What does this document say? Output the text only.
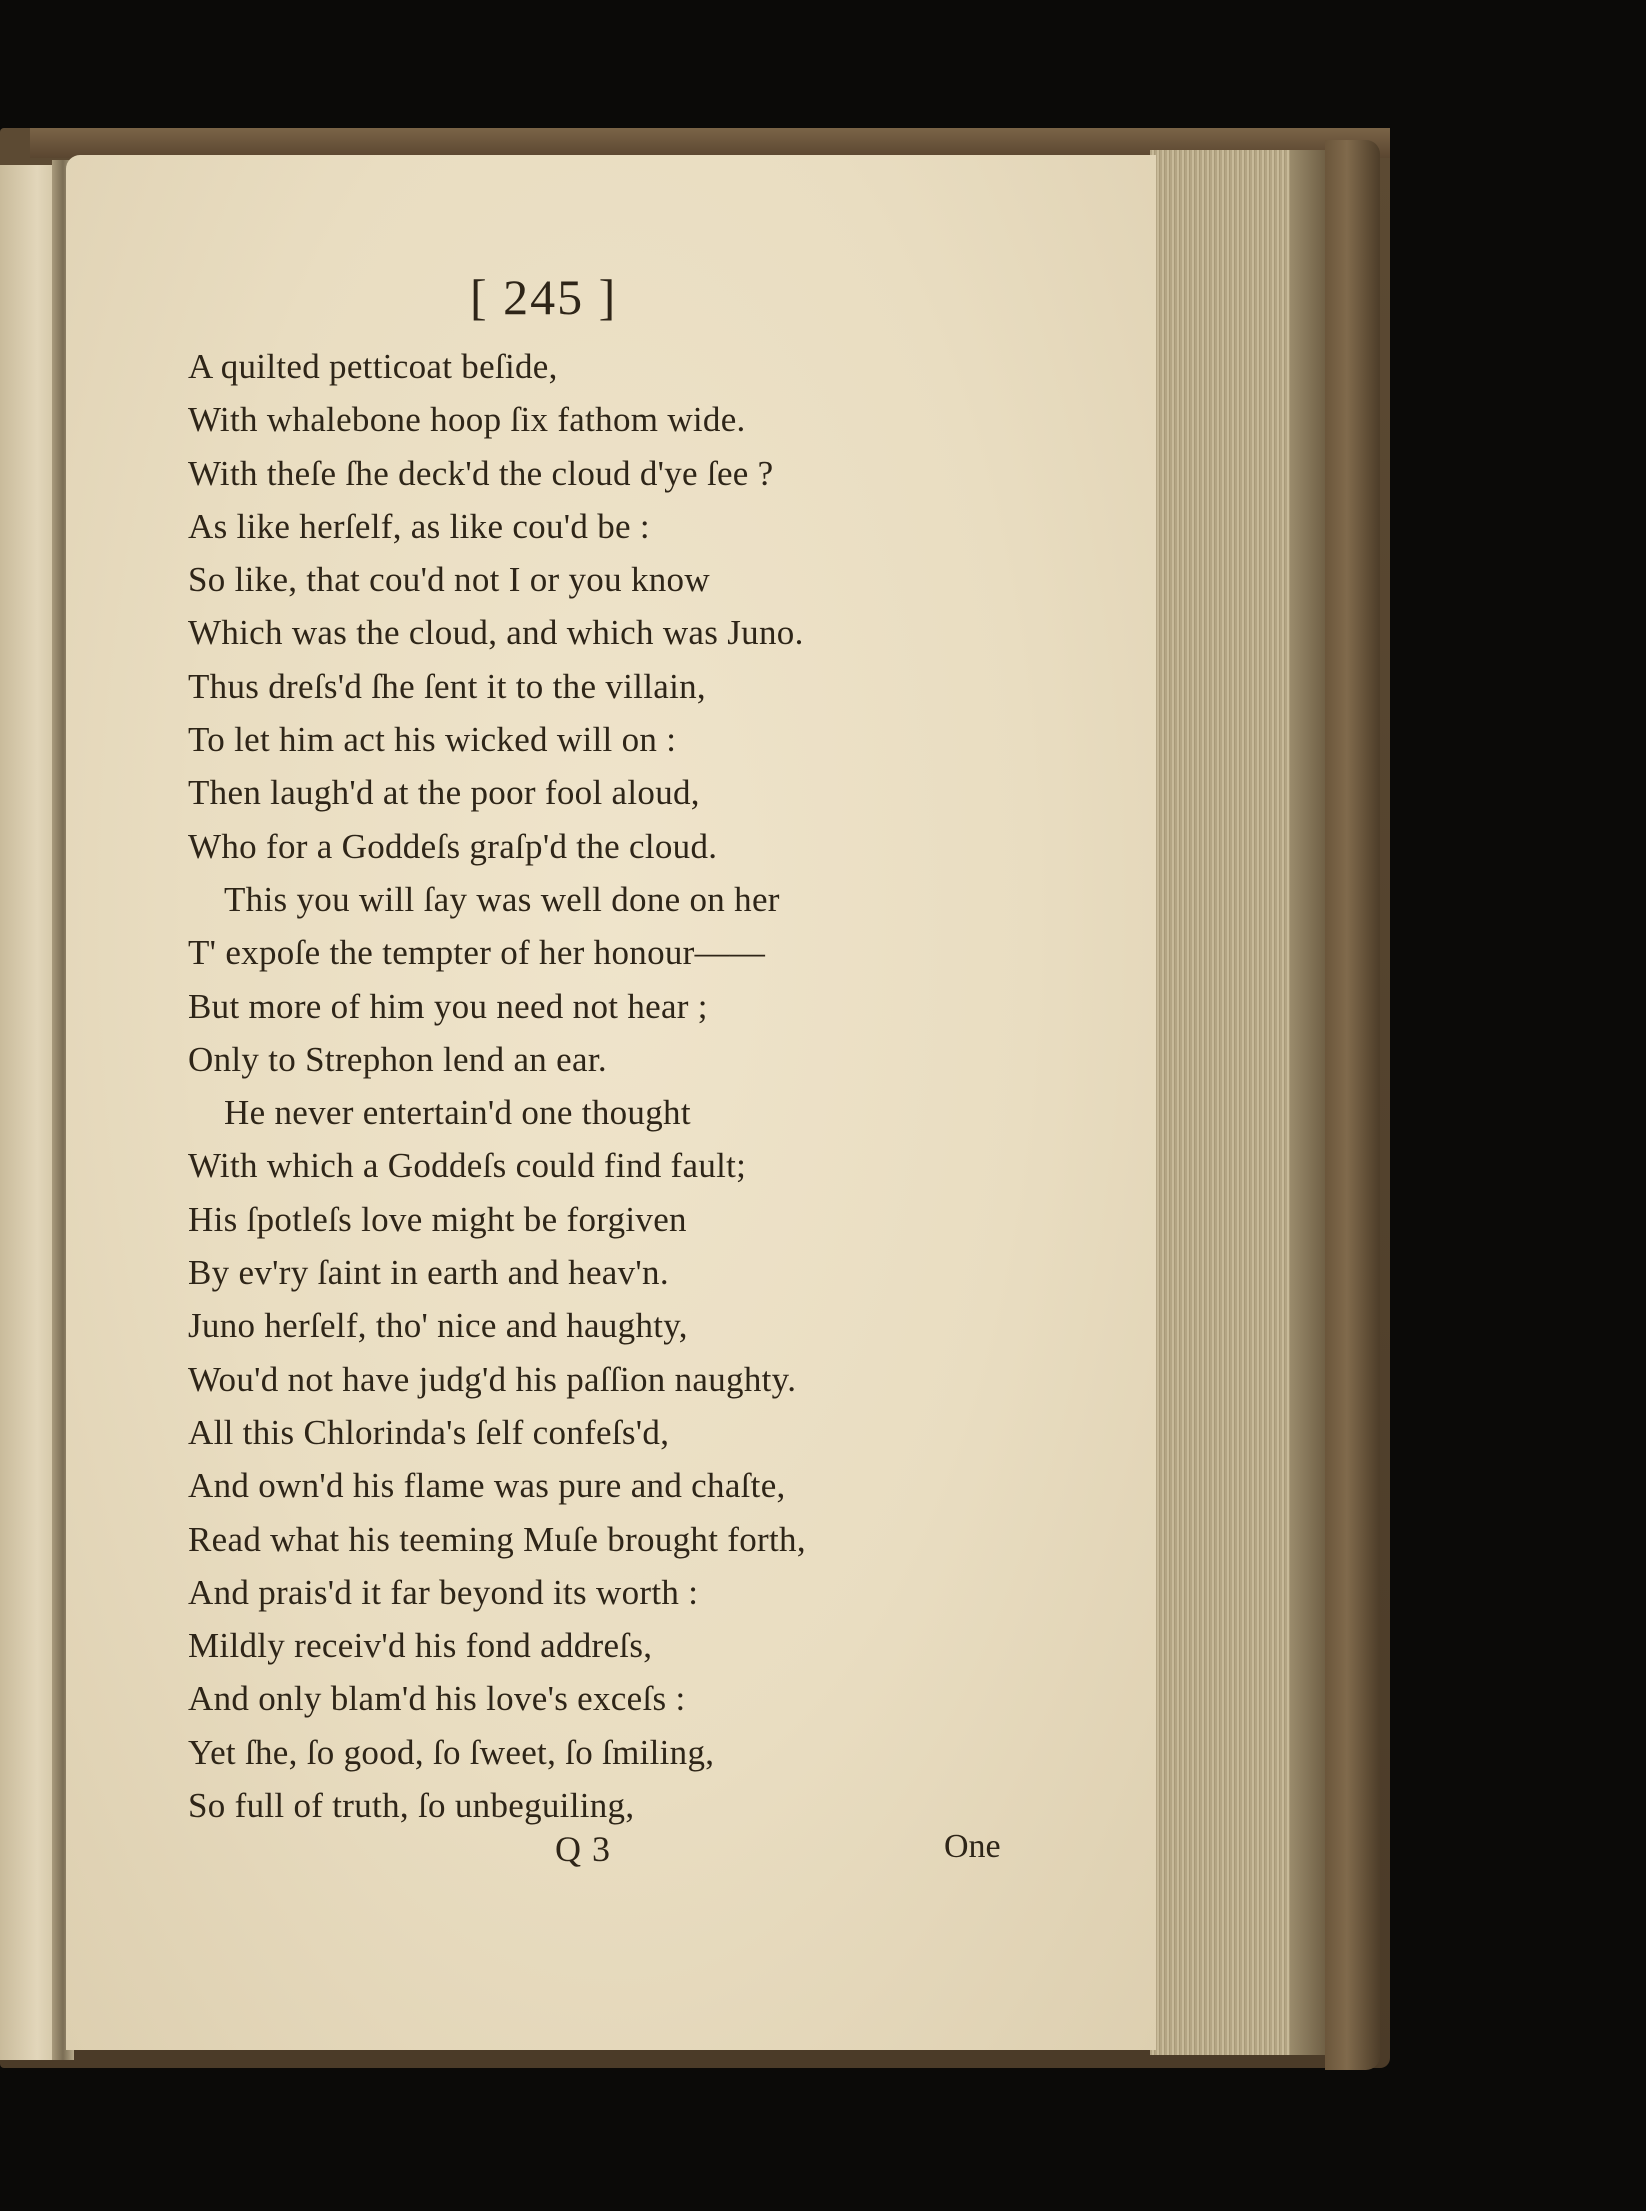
[ 245 ]
A quilted petticoat beſide,
With whalebone hoop ſix fathom wide.
With theſe ſhe deck'd the cloud d'ye ſee ?
As like herſelf, as like cou'd be :
So like, that cou'd not I or you know
Which was the cloud, and which was Juno.
Thus dreſs'd ſhe ſent it to the villain,
To let him act his wicked will on :
Then laugh'd at the poor fool aloud,
Who for a Goddeſs graſp'd the cloud.
This you will ſay was well done on her
T' expoſe the tempter of her honour——
But more of him you need not hear ;
Only to Strephon lend an ear.
He never entertain'd one thought
With which a Goddeſs could find fault;
His ſpotleſs love might be forgiven
By ev'ry ſaint in earth and heav'n.
Juno herſelf, tho' nice and haughty,
Wou'd not have judg'd his paſſion naughty.
All this Chlorinda's ſelf confeſs'd,
And own'd his flame was pure and chaſte,
Read what his teeming Muſe brought forth,
And prais'd it far beyond its worth :
Mildly receiv'd his fond addreſs,
And only blam'd his love's exceſs :
Yet ſhe, ſo good, ſo ſweet, ſo ſmiling,
So full of truth, ſo unbeguiling,
Q 3	One
